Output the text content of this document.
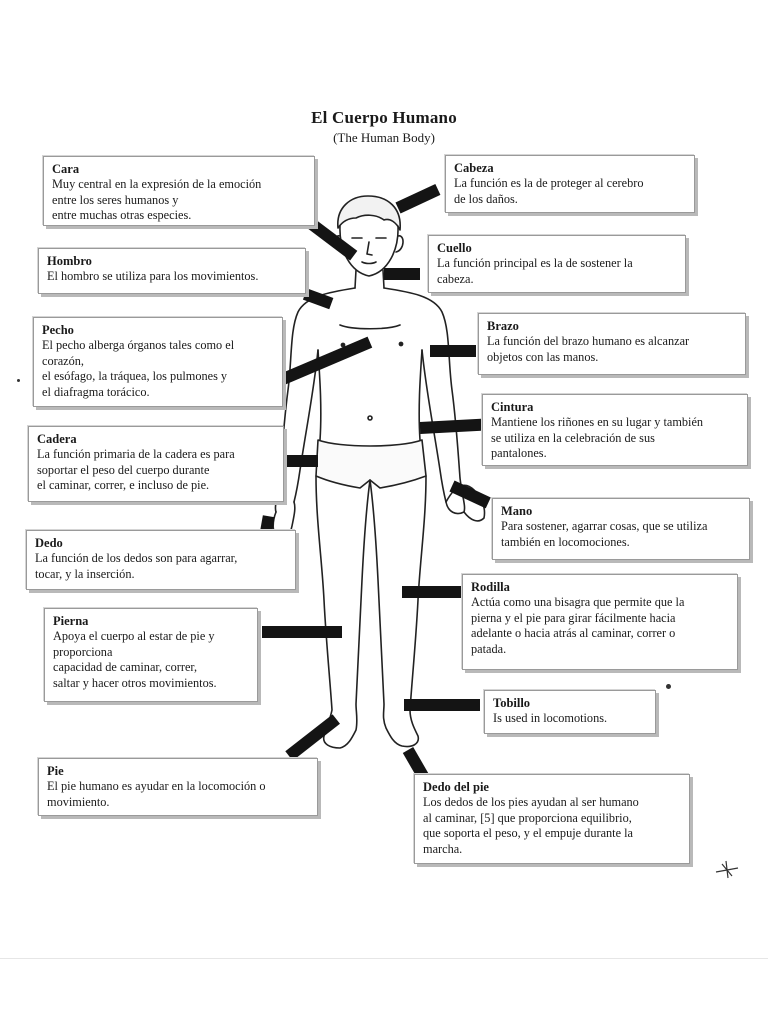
El Cuerpo Humano
(The Human Body)
Cara
Muy central en la expresión de la emoción
entre los seres humanos y
entre muchas otras especies.
Cabeza
La función es la de proteger al cerebro
de los daños.
Hombro
El hombro se utiliza para los movimientos.
Cuello
La función principal es la de sostener la
cabeza.
Pecho
El pecho alberga órganos tales como el
corazón,
el esófago, la tráquea, los pulmones y
el diafragma torácico.
Brazo
La función del brazo humano es alcanzar
objetos con las manos.
Cintura
Mantiene los riñones en su lugar y también
se utiliza en la celebración de sus
pantalones.
Cadera
La función primaria de la cadera es para
soportar el peso del cuerpo durante
el caminar, correr, e incluso de pie.
Mano
Para sostener, agarrar cosas, que se utiliza
también en locomociones.
Dedo
La función de los dedos son para agarrar,
tocar, y la inserción.
Rodilla
Actúa como una bisagra que permite que la
pierna y el pie para girar fácilmente hacia
adelante o hacia atrás al caminar, correr o
patada.
Pierna
Apoya el cuerpo al estar de pie y
proporciona
capacidad de caminar, correr,
saltar y hacer otros movimientos.
Tobillo
Is used in locomotions.
Pie
El pie humano es ayudar en la locomoción o
movimiento.
Dedo del pie
Los dedos de los pies ayudan al ser humano
al caminar, [5] que proporciona equilibrio,
que soporta el peso, y el empuje durante la
marcha.
